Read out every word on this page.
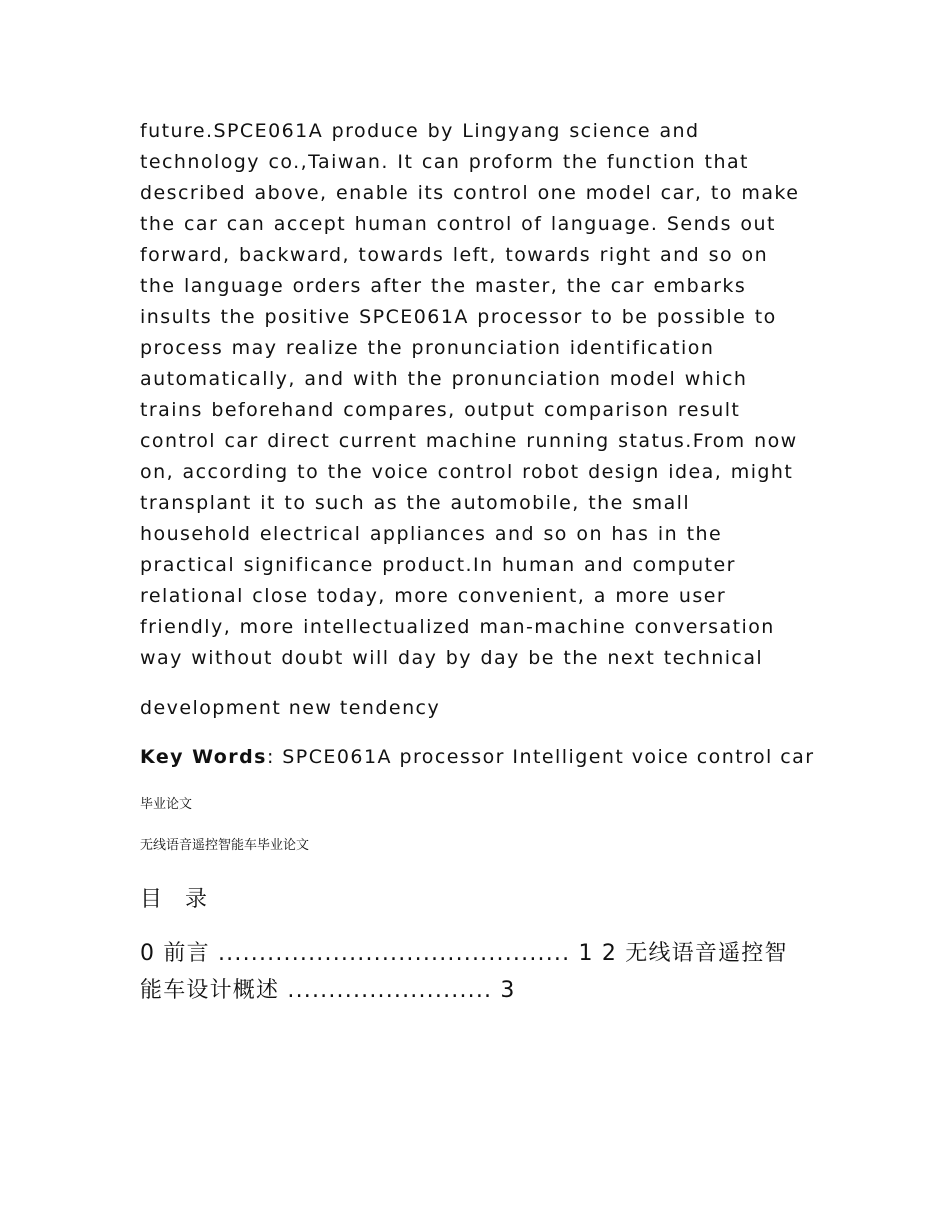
future.SPCE061A produce by Lingyang science and
technology co.,Taiwan. It can proform the function that
described above, enable its control one model car, to make
the car can accept human control of language. Sends out
forward, backward, towards left, towards right and so on
the language orders after the master, the car embarks
insults the positive SPCE061A processor to be possible to
process may realize the pronunciation identification
automatically, and with the pronunciation model which
trains beforehand compares, output comparison result
control car direct current machine running status.From now
on, according to the voice control robot design idea, might
transplant it to such as the automobile, the small
household electrical appliances and so on has in the
practical significance product.In human and computer
relational close today, more convenient, a more user
friendly, more intellectualized man-machine conversation
way without doubt will day by day be the next technical

development new tendency

Key Words: SPCE061A processor Intelligent voice control car

毕业论文

无线语音遥控智能车毕业论文

目 录

0 前言 ........................................... 1 2 无线语音遥控智能车设计概述 ......................... 3
